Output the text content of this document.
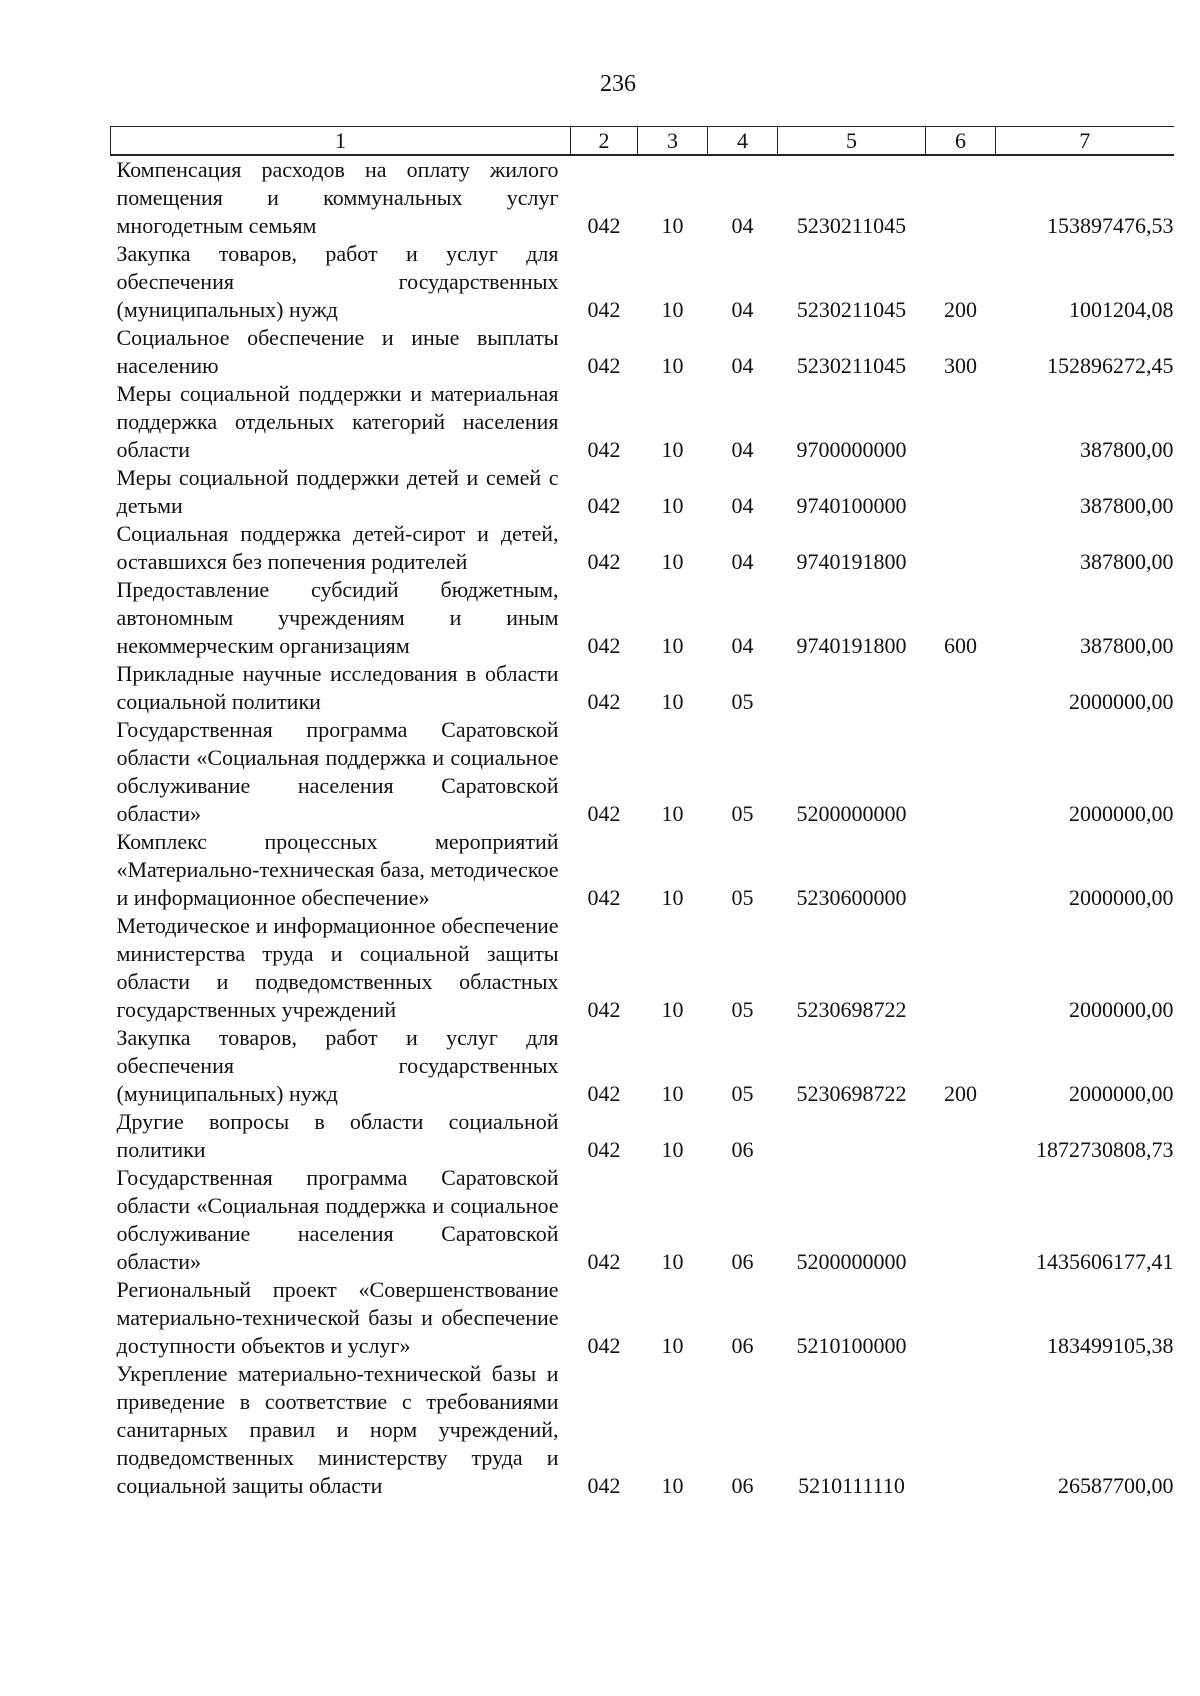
236
1	2	3	4	5	6	7
Компенсация расходов на оплату жилого помещения и коммунальных услуг многодетным семьям	042	10	04	5230211045		153897476,53
Закупка товаров, работ и услуг для обеспечения государственных (муниципальных) нужд	042	10	04	5230211045	200	1001204,08
Социальное обеспечение и иные выплаты населению	042	10	04	5230211045	300	152896272,45
Меры социальной поддержки и материальная поддержка отдельных категорий населения области	042	10	04	9700000000		387800,00
Меры социальной поддержки детей и семей с детьми	042	10	04	9740100000		387800,00
Социальная поддержка детей-сирот и детей, оставшихся без попечения родителей	042	10	04	9740191800		387800,00
Предоставление субсидий бюджетным, автономным учреждениям и иным некоммерческим организациям	042	10	04	9740191800	600	387800,00
Прикладные научные исследования в области социальной политики	042	10	05			2000000,00
Государственная программа Саратовской области «Социальная поддержка и социальное обслуживание населения Саратовской области»	042	10	05	5200000000		2000000,00
Комплекс процессных мероприятий «Материально-техническая база, методическое и информационное обеспечение»	042	10	05	5230600000		2000000,00
Методическое и информационное обеспечение министерства труда и социальной защиты области и подведомственных областных государственных учреждений	042	10	05	5230698722		2000000,00
Закупка товаров, работ и услуг для обеспечения государственных (муниципальных) нужд	042	10	05	5230698722	200	2000000,00
Другие вопросы в области социальной политики	042	10	06			1872730808,73
Государственная программа Саратовской области «Социальная поддержка и социальное обслуживание населения Саратовской области»	042	10	06	5200000000		1435606177,41
Региональный проект «Совершенствование материально-технической базы и обеспечение доступности объектов и услуг»	042	10	06	5210100000		183499105,38
Укрепление материально-технической базы и приведение в соответствие с требованиями санитарных правил и норм учреждений, подведомственных министерству труда и социальной защиты области	042	10	06	5210111110		26587700,00
